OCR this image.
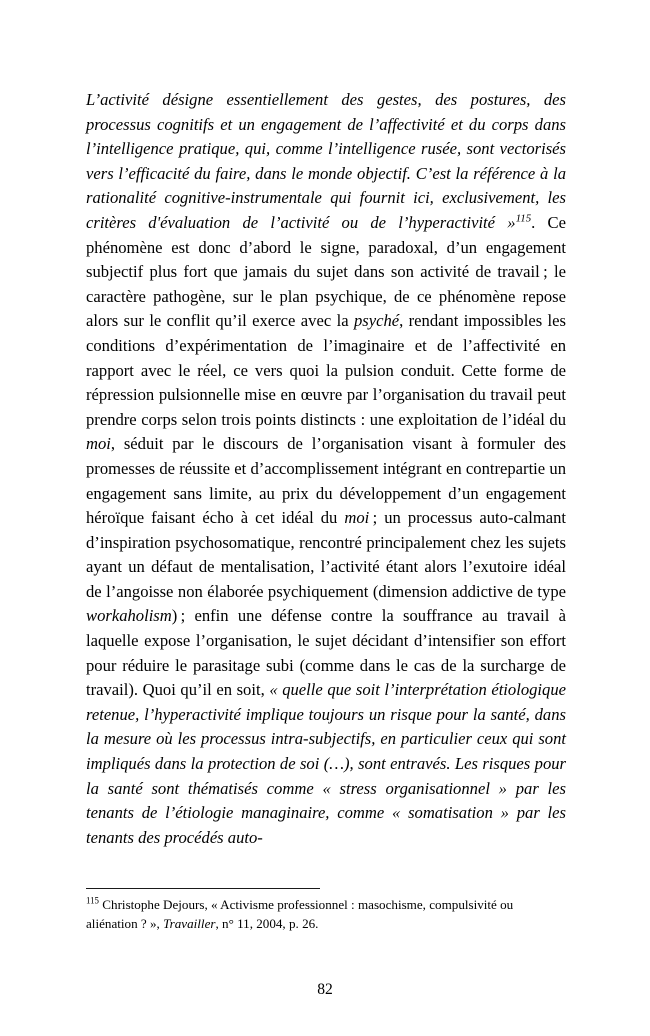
L’activité désigne essentiellement des gestes, des postures, des processus cognitifs et un engagement de l’affectivité et du corps dans l’intelligence pratique, qui, comme l’intelligence rusée, sont vectorisés vers l’efficacité du faire, dans le monde objectif. C’est la référence à la rationalité cognitive-instrumentale qui fournit ici, exclusivement, les critères d'évaluation de l’activité ou de l’hyperactivité »$^{115}$. Ce phénomène est donc d’abord le signe, paradoxal, d’un engagement subjectif plus fort que jamais du sujet dans son activité de travail ; le caractère pathogène, sur le plan psychique, de ce phénomène repose alors sur le conflit qu’il exerce avec la psyché, rendant impossibles les conditions d’expérimentation de l’imaginaire et de l’affectivité en rapport avec le réel, ce vers quoi la pulsion conduit. Cette forme de répression pulsionnelle mise en œuvre par l’organisation du travail peut prendre corps selon trois points distincts : une exploitation de l’idéal du moi, séduit par le discours de l’organisation visant à formuler des promesses de réussite et d’accomplissement intégrant en contrepartie un engagement sans limite, au prix du développement d’un engagement héroïque faisant écho à cet idéal du moi ; un processus auto-calmant d’inspiration psychosomatique, rencontré principalement chez les sujets ayant un défaut de mentalisation, l’activité étant alors l’exutoire idéal de l’angoisse non élaborée psychiquement (dimension addictive de type workaholism) ; enfin une défense contre la souffrance au travail à laquelle expose l’organisation, le sujet décidant d’intensifier son effort pour réduire le parasitage subi (comme dans le cas de la surcharge de travail). Quoi qu’il en soit, « quelle que soit l’interprétation étiologique retenue, l’hyperactivité implique toujours un risque pour la santé, dans la mesure où les processus intra-subjectifs, en particulier ceux qui sont impliqués dans la protection de soi (…), sont entravés. Les risques pour la santé sont thématisés comme « stress organisationnel » par les tenants de l’étiologie managinaire, comme « somatisation » par les tenants des procédés auto-

$^{115}$ Christophe Dejours, « Activisme professionnel : masochisme, compulsivité ou aliénation ? », Travailler, n° 11, 2004, p. 26.

82
